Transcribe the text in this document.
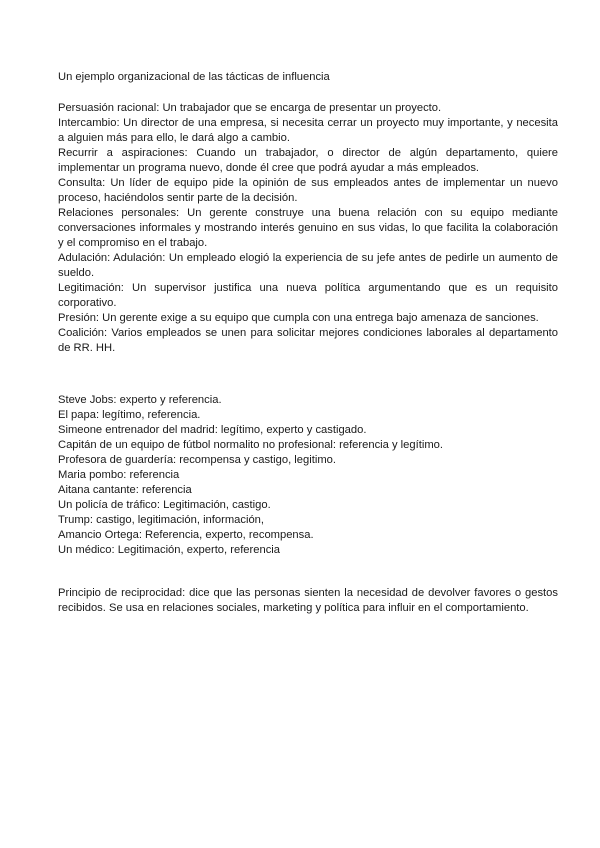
Un ejemplo organizacional de las tácticas de influencia

Persuasión racional: Un trabajador que se encarga de presentar un proyecto.

Intercambio: Un director de una empresa, si necesita cerrar un proyecto muy importante, y necesita a alguien más para ello, le dará algo a cambio.

Recurrir a aspiraciones: Cuando un trabajador, o director de algún departamento, quiere implementar un programa nuevo, donde él cree que podrá ayudar a más empleados.

Consulta: Un líder de equipo pide la opinión de sus empleados antes de implementar un nuevo proceso, haciéndolos sentir parte de la decisión.

Relaciones personales: Un gerente construye una buena relación con su equipo mediante conversaciones informales y mostrando interés genuino en sus vidas, lo que facilita la colaboración y el compromiso en el trabajo.

Adulación: Adulación: Un empleado elogió la experiencia de su jefe antes de pedirle un aumento de sueldo.

Legitimación: Un supervisor justifica una nueva política argumentando que es un requisito corporativo.

Presión: Un gerente exige a su equipo que cumpla con una entrega bajo amenaza de sanciones.

Coalición: Varios empleados se unen para solicitar mejores condiciones laborales al departamento de RR. HH.

Steve Jobs: experto y referencia.

El papa: legítimo, referencia.

Simeone entrenador del madrid: legítimo, experto y castigado.

Capitán de un equipo de fútbol normalito no profesional: referencia y legítimo.

Profesora de guardería: recompensa y castigo, legitimo.

Maria pombo: referencia

Aitana cantante: referencia

Un policía de tráfico: Legitimación, castigo.

Trump: castigo, legitimación, información,

Amancio Ortega: Referencia, experto, recompensa.

Un médico: Legitimación, experto, referencia

Principio de reciprocidad: dice que las personas sienten la necesidad de devolver favores o gestos recibidos. Se usa en relaciones sociales, marketing y política para influir en el comportamiento.
